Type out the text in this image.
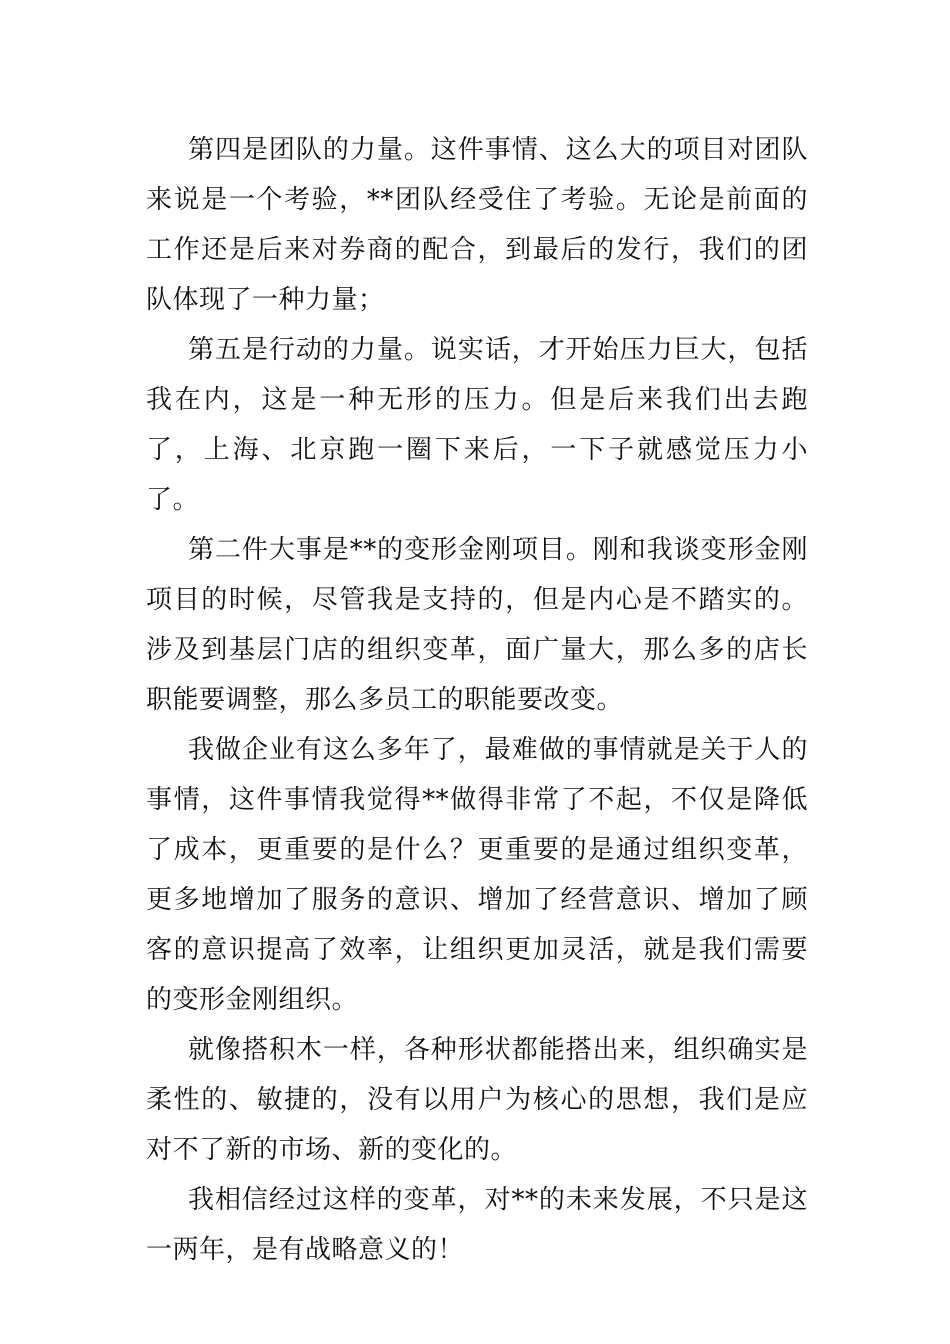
第四是团队的力量。这件事情、这么大的项目对团队来说是一个考验，**团队经受住了考验。无论是前面的工作还是后来对券商的配合，到最后的发行，我们的团队体现了一种力量；

第五是行动的力量。说实话，才开始压力巨大，包括我在内，这是一种无形的压力。但是后来我们出去跑了，上海、北京跑一圈下来后，一下子就感觉压力小了。

第二件大事是**的变形金刚项目。刚和我谈变形金刚项目的时候，尽管我是支持的，但是内心是不踏实的。涉及到基层门店的组织变革，面广量大，那么多的店长职能要调整，那么多员工的职能要改变。

我做企业有这么多年了，最难做的事情就是关于人的事情，这件事情我觉得**做得非常了不起，不仅是降低了成本，更重要的是什么？更重要的是通过组织变革，更多地增加了服务的意识、增加了经营意识、增加了顾客的意识提高了效率，让组织更加灵活，就是我们需要的变形金刚组织。

就像搭积木一样，各种形状都能搭出来，组织确实是柔性的、敏捷的，没有以用户为核心的思想，我们是应对不了新的市场、新的变化的。

我相信经过这样的变革，对**的未来发展，不只是这一两年，是有战略意义的！
